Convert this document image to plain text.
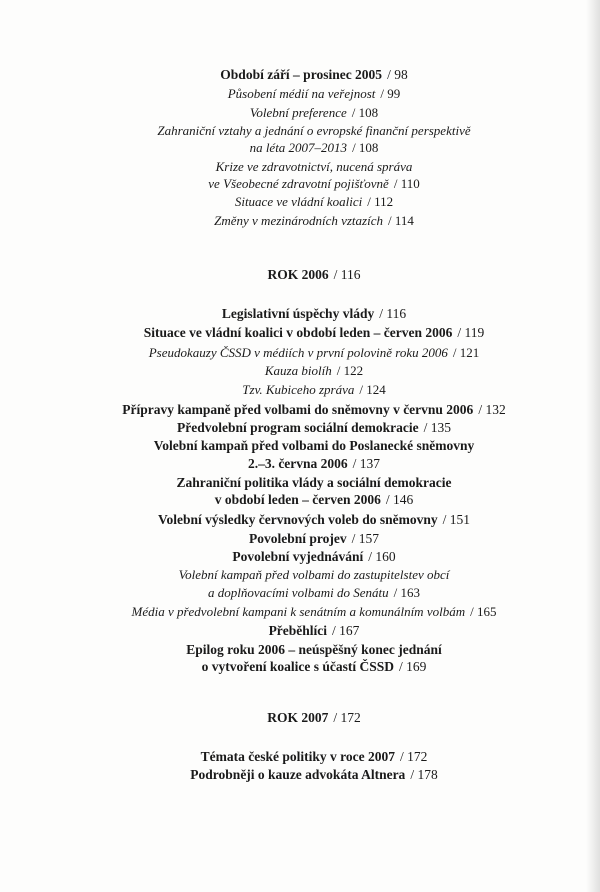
Období září – prosinec 2005 / 98
Působení médií na veřejnost / 99
Volební preference / 108
Zahraniční vztahy a jednání o evropské finanční perspektivě
na léta 2007–2013 / 108
Krize ve zdravotnictví, nucená správa
ve Všeobecné zdravotní pojišťovně / 110
Situace ve vládní koalici / 112
Změny v mezinárodních vztazích / 114
ROK 2006 / 116
Legislativní úspěchy vlády / 116
Situace ve vládní koalici v období leden – červen 2006 / 119
Pseudokauzy ČSSD v médiích v první polovině roku 2006 / 121
Kauza biolíh / 122
Tzv. Kubiceho zpráva / 124
Přípravy kampaně před volbami do sněmovny v červnu 2006 / 132
Předvolební program sociální demokracie / 135
Volební kampaň před volbami do Poslanecké sněmovny
2.–3. června 2006 / 137
Zahraniční politika vlády a sociální demokracie
v období leden – červen 2006 / 146
Volební výsledky červnových voleb do sněmovny / 151
Povolební projev / 157
Povolební vyjednávání / 160
Volební kampaň před volbami do zastupitelstev obcí
a doplňovacími volbami do Senátu / 163
Média v předvolební kampani k senátním a komunálním volbám / 165
Přeběhlíci / 167
Epilog roku 2006 – neúspěšný konec jednání
o vytvoření koalice s účastí ČSSD / 169
ROK 2007 / 172
Témata české politiky v roce 2007 / 172
Podrobněji o kauze advokáta Altnera / 178
